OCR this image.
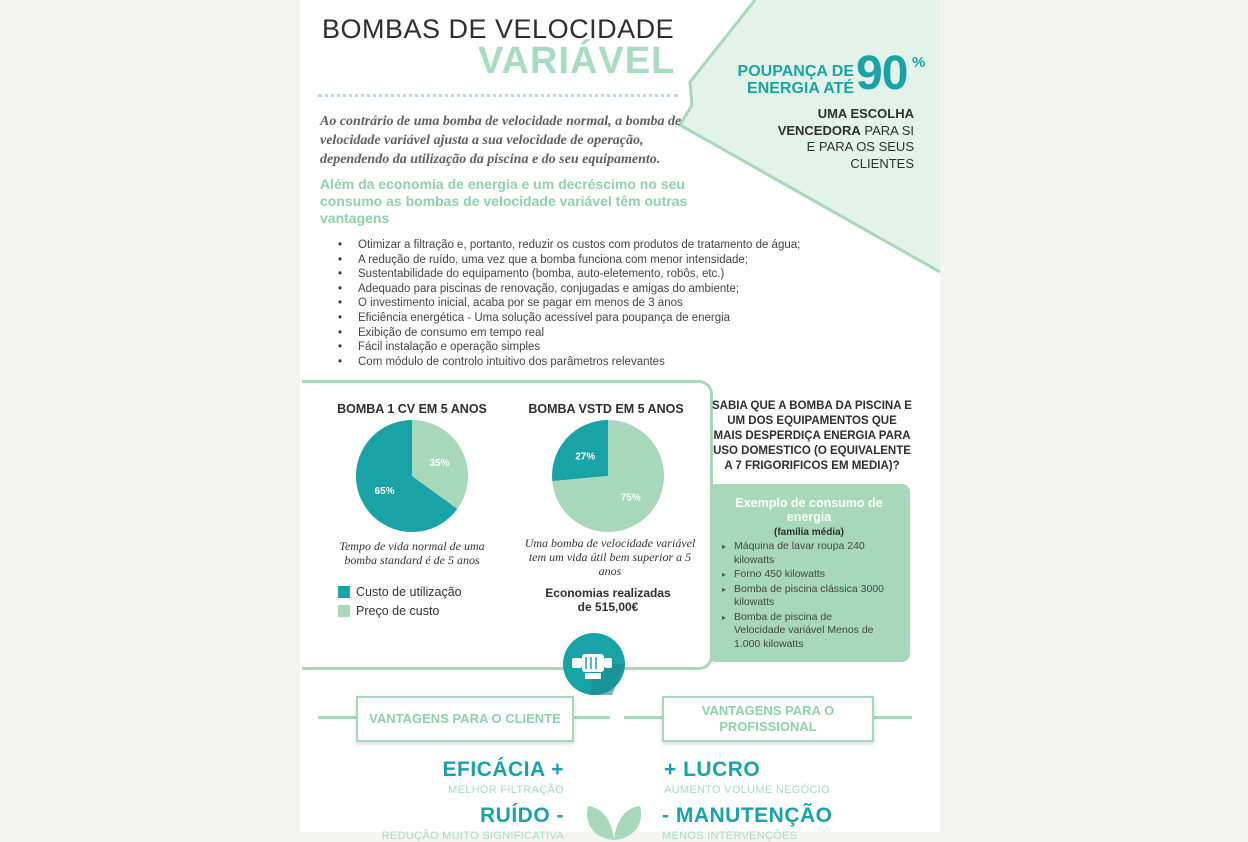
BOMBAS DE VELOCIDADE
VARIÁVEL
Ao contrário de uma bomba de velocidade normal, a bomba de velocidade variável ajusta a sua velocidade de operação, dependendo da utilização da piscina e do seu equipamento.
Além da economia de energia e um decréscimo no seu consumo as bombas de velocidade variável têm outras vantagens
• Otimizar a filtração e, portanto, reduzir os custos com produtos de tratamento de água;
• A redução de ruído, uma vez que a bomba funciona com menor intensidade;
• Sustentabilidade do equipamento (bomba, auto-eletemento, robôs, etc.)
• Adequado para piscinas de renovação, conjugadas e amigas do ambiente;
• O investimento inicial, acaba por se pagar em menos de 3 anos
• Eficiência energética - Uma solução acessível para poupança de energia
• Exibição de consumo em tempo real
• Fácil instalação e operação simples
• Com módulo de controlo intuitivo dos parâmetros relevantes
POUPANÇA DE ENERGIA ATÉ 90 %
UMA ESCOLHA
VENCEDORA PARA SI
E PARA OS SEUS
CLIENTES
BOMBA 1 CV EM 5 ANOS	BOMBA VSTD EM 5 ANOS
65%
35%
27%
75%
Tempo de vida normal de uma bomba standard é de 5 anos
Uma bomba de velocidade variável tem um vida útil bem superior a 5 anos
Custo de utilização
Preço de custo
Economias realizadas
de 515,00€
SABIA QUE A BOMBA DA PISCINA E UM DOS EQUIPAMENTOS QUE MAIS DESPERDIÇA ENERGIA PARA USO DOMESTICO (O EQUIVALENTE A 7 FRIGORIFICOS EM MEDIA)?
Exemplo de consumo de energia
(família média)
▸ Máquina de lavar roupa 240 kilowatts
▸ Forno 450 kilowatts
▸ Bomba de piscina clássica 3000 kilowatts
▸ Bomba de piscina de Velocidade variável Menos de 1.000 kilowatts
VANTAGENS PARA O CLIENTE
VANTAGENS PARA O PROFISSIONAL
EFICÁCIA +
MELHOR FILTRAÇÃO
RUÍDO -
REDUÇÃO MUITO SIGNIFICATIVA
+ LUCRO
AUMENTO VOLUME NEGÓCIO
- MANUTENÇÃO
MENOS INTERVENÇÕES
